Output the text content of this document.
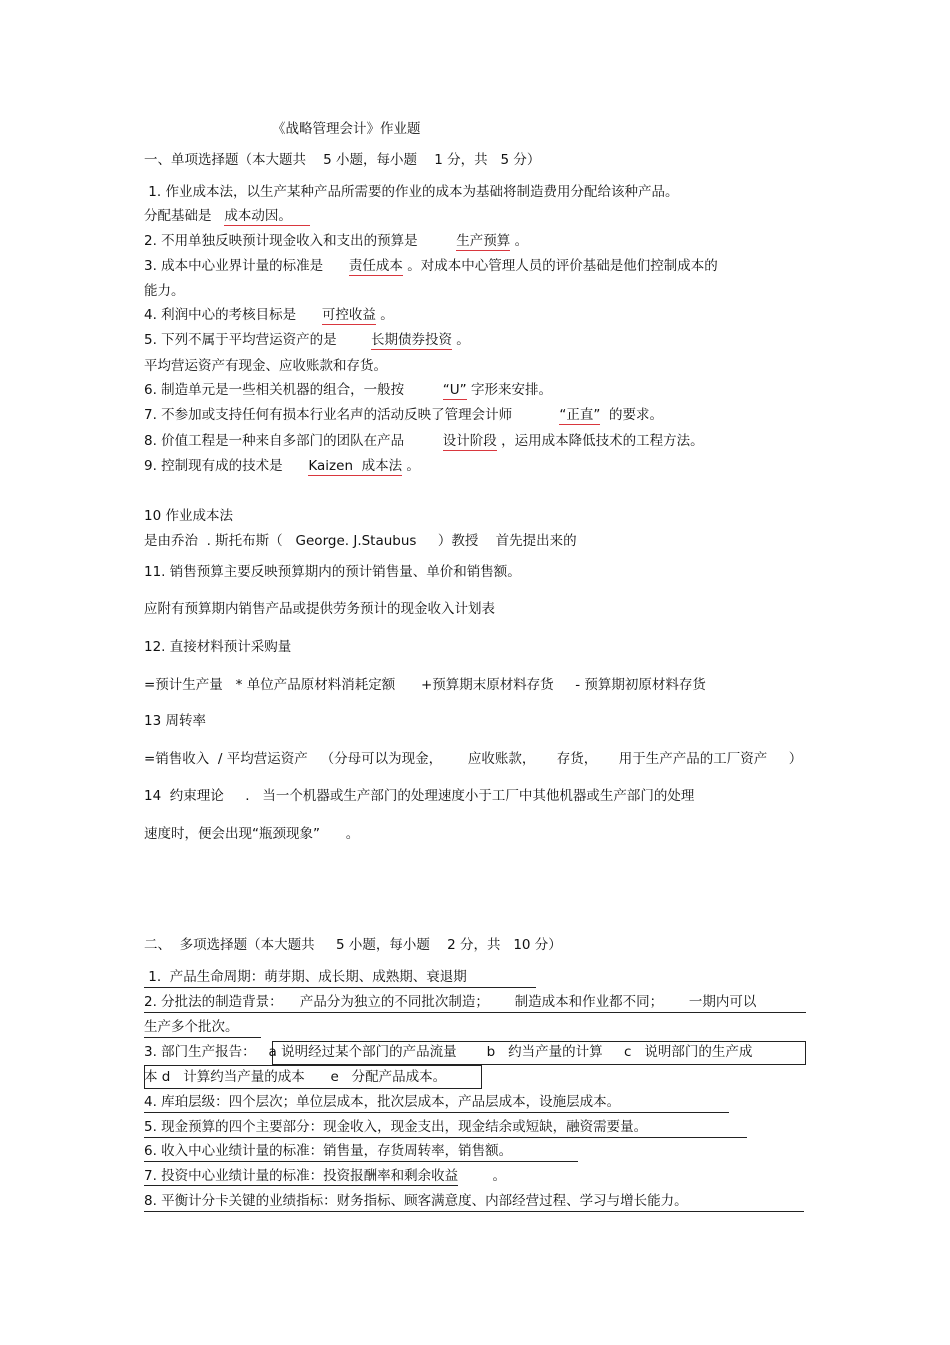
《战略管理会计》作业题
一、单项选择题（本大题共    5 小题，每小题    1 分，共   5 分）
1. 作业成本法，以生产某种产品所需要的作业的成本为基础将制造费用分配给该种产品。
分配基础是   成本动因。
2. 不用单独反映预计现金收入和支出的预算是         生产预算 。
3. 成本中心业界计量的标准是      责任成本 。对成本中心管理人员的评价基础是他们控制成本的
能力。
4. 利润中心的考核目标是      可控收益 。
5. 下列不属于平均营运资产的是        长期债券投资 。
平均营运资产有现金、应收账款和存货。
6. 制造单元是一些相关机器的组合，一般按         “U” 字形来安排。
7. 不参加或支持任何有损本行业名声的活动反映了管理会计师           “正直”  的要求。
8. 价值工程是一种来自多部门的团队在产品         设计阶段 ，运用成本降低技术的工程方法。
9. 控制现有成的技术是      Kaizen  成本法 。
10 作业成本法
是由乔治  . 斯托布斯（   George. J.Staubus     ）教授    首先提出来的
11. 销售预算主要反映预算期内的预计销售量、单价和销售额。
应附有预算期内销售产品或提供劳务预计的现金收入计划表
12. 直接材料预计采购量
=预计生产量   * 单位产品原材料消耗定额      +预算期末原材料存货     - 预算期初原材料存货
13 周转率
=销售收入  / 平均营运资产   （分母可以为现金，      应收账款，     存货，     用于生产产品的工厂资产     ）
14  约束理论     .   当一个机器或生产部门的处理速度小于工厂中其他机器或生产部门的处理
速度时，便会出现“瓶颈现象”      。
二、  多项选择题（本大题共     5 小题，每小题    2 分，共   10 分）
1.  产品生命周期：萌芽期、成长期、成熟期、衰退期
2. 分批法的制造背景：    产品分为独立的不同批次制造；      制造成本和作业都不同；      一期内可以
生产多个批次。
3. 部门生产报告：   a 说明经过某个部门的产品流量       b   约当产量的计算     c   说明部门的生产成
本 d   计算约当产量的成本      e   分配产品成本。
4. 库珀层级：四个层次；单位层成本，批次层成本，产品层成本，设施层成本。
5. 现金预算的四个主要部分：现金收入，现金支出，现金结余或短缺，融资需要量。
6. 收入中心业绩计量的标准：销售量，存货周转率，销售额。
7. 投资中心业绩计量的标准：投资报酬率和剩余收益        。
8. 平衡计分卡关键的业绩指标：财务指标、顾客满意度、内部经营过程、学习与增长能力。
